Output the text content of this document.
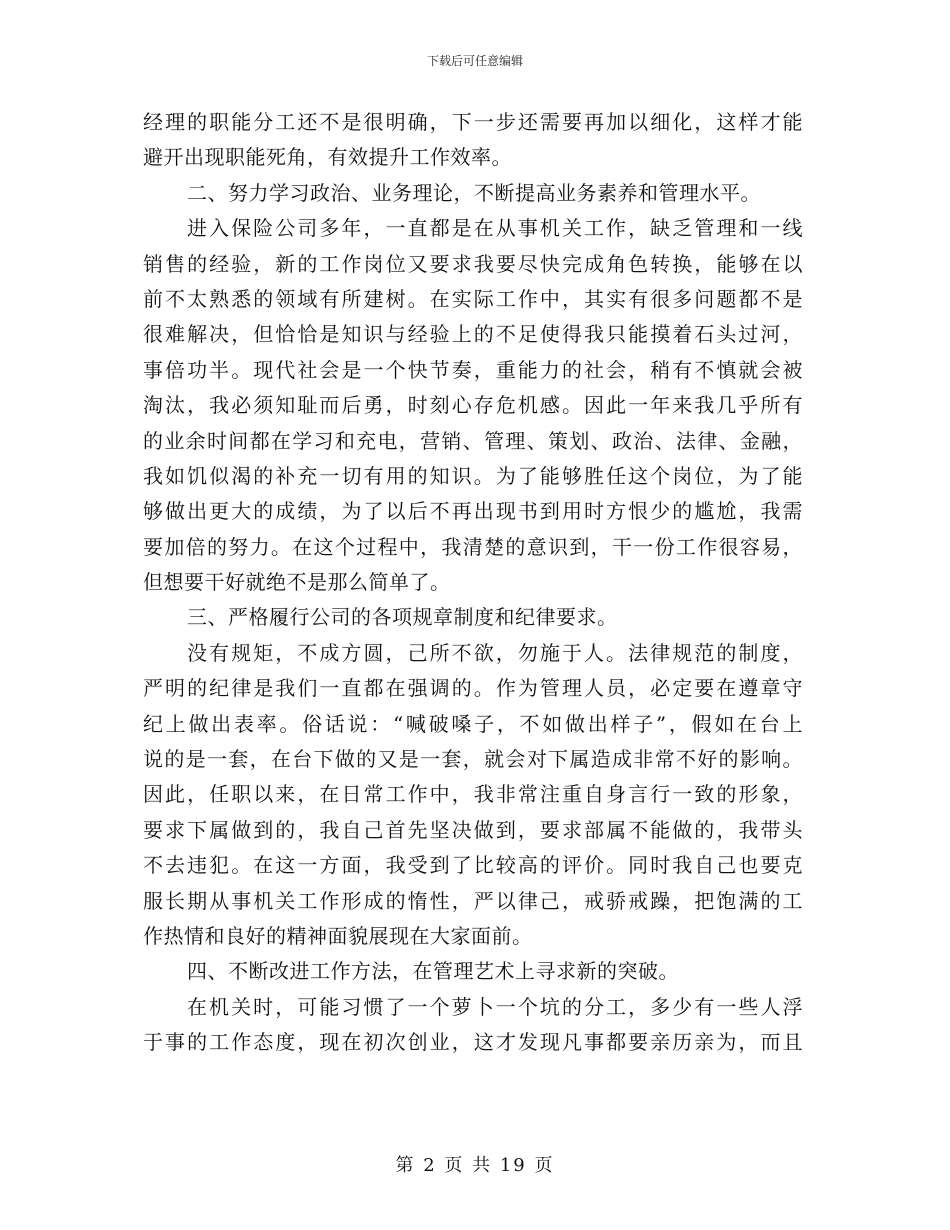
下载后可任意编辑
经理的职能分工还不是很明确，下一步还需要再加以细化，这样才能
避开出现职能死角，有效提升工作效率。
二、努力学习政治、业务理论，不断提高业务素养和管理水平。
进入保险公司多年，一直都是在从事机关工作，缺乏管理和一线
销售的经验，新的工作岗位又要求我要尽快完成角色转换，能够在以
前不太熟悉的领域有所建树。在实际工作中，其实有很多问题都不是
很难解决，但恰恰是知识与经验上的不足使得我只能摸着石头过河，
事倍功半。现代社会是一个快节奏，重能力的社会，稍有不慎就会被
淘汰，我必须知耻而后勇，时刻心存危机感。因此一年来我几乎所有
的业余时间都在学习和充电，营销、管理、策划、政治、法律、金融，
我如饥似渴的补充一切有用的知识。为了能够胜任这个岗位，为了能
够做出更大的成绩，为了以后不再出现书到用时方恨少的尴尬，我需
要加倍的努力。在这个过程中，我清楚的意识到，干一份工作很容易，
但想要干好就绝不是那么简单了。
三、严格履行公司的各项规章制度和纪律要求。
没有规矩，不成方圆，己所不欲，勿施于人。法律规范的制度，
严明的纪律是我们一直都在强调的。作为管理人员，必定要在遵章守
纪上做出表率。俗话说：“喊破嗓子，不如做出样子”，假如在台上
说的是一套，在台下做的又是一套，就会对下属造成非常不好的影响。
因此，任职以来，在日常工作中，我非常注重自身言行一致的形象，
要求下属做到的，我自己首先坚决做到，要求部属不能做的，我带头
不去违犯。在这一方面，我受到了比较高的评价。同时我自己也要克
服长期从事机关工作形成的惰性，严以律己，戒骄戒躁，把饱满的工
作热情和良好的精神面貌展现在大家面前。
四、不断改进工作方法，在管理艺术上寻求新的突破。
在机关时，可能习惯了一个萝卜一个坑的分工，多少有一些人浮
于事的工作态度，现在初次创业，这才发现凡事都要亲历亲为，而且
第 2 页 共 19 页
